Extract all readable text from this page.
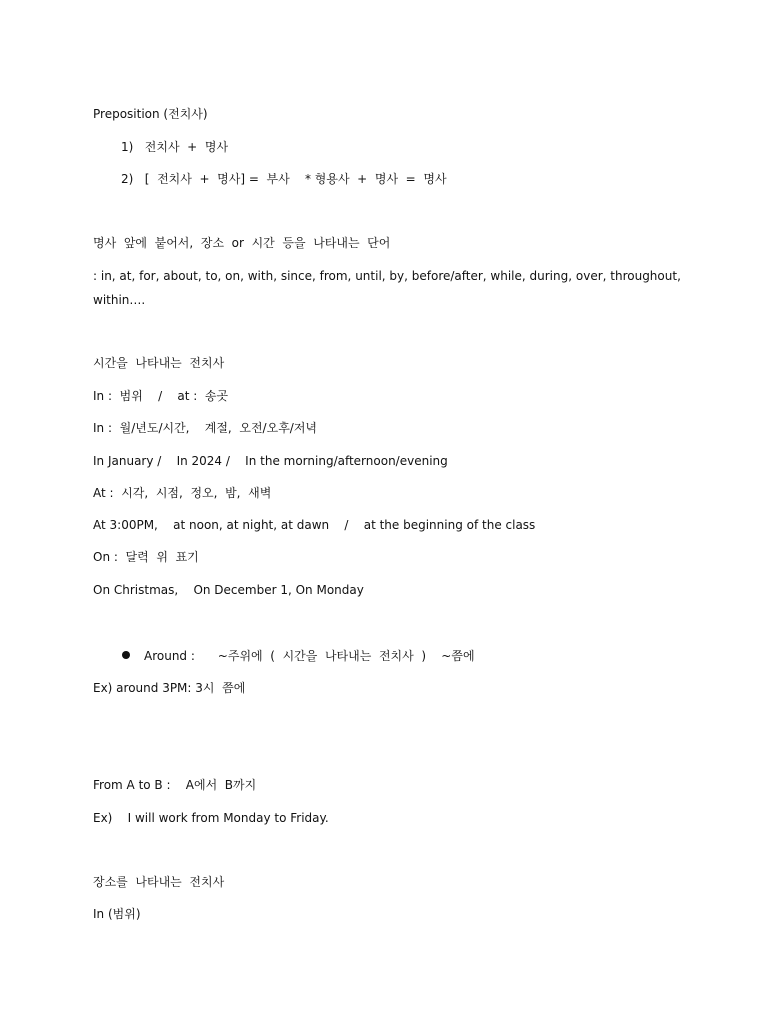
Preposition (전치사)
1)   전치사  +  명사
2)   [  전치사  +  명사] =  부사    * 형용사  +  명사  =  명사
명사  앞에  붙어서,  장소  or  시간  등을  나타내는  단어
: in, at, for, about, to, on, with, since, from, until, by, before/after, while, during, over, throughout,
within….
시간을  나타내는  전치사
In :  범위    /    at :  송곳
In :  월/년도/시간,    계절,  오전/오후/저녁
In January /    In 2024 /    In the morning/afternoon/evening
At :  시각,  시점,  정오,  밤,  새벽
At 3:00PM,    at noon, at night, at dawn    /    at the beginning of the class
On :  달력  위  표기
On Christmas,    On December 1, On Monday
Around :      ~주위에  (  시간을  나타내는  전치사  )    ~쯤에
Ex) around 3PM: 3시  쯤에
From A to B :    A에서  B까지
Ex)    I will work from Monday to Friday.
장소를  나타내는  전치사
In (범위)
